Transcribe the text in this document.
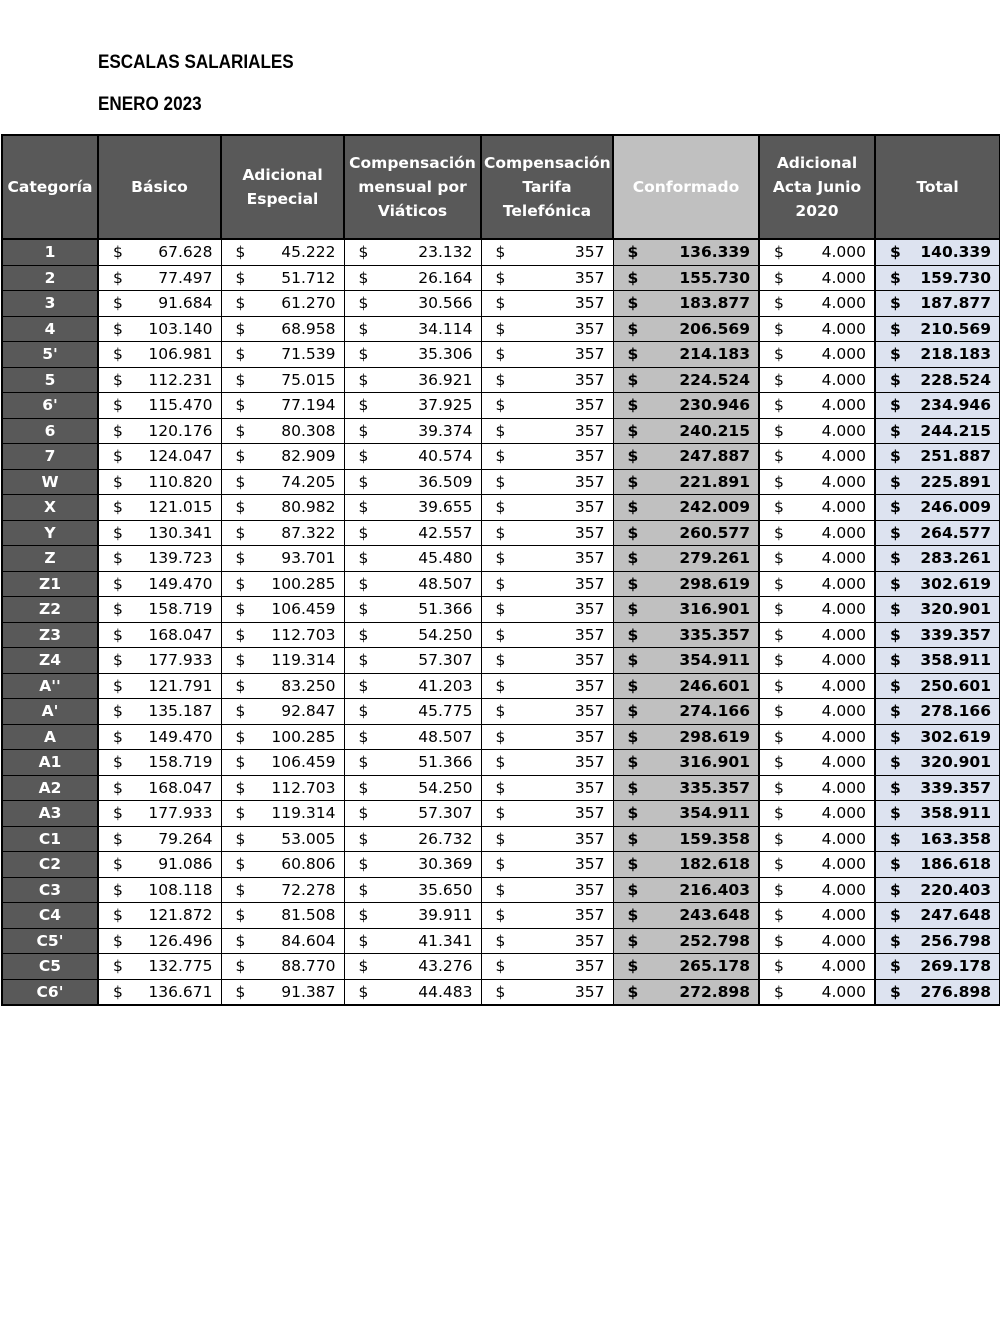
ESCALAS SALARIALES
ENERO 2023
Categoría	Básico	Adicional Especial	Compensación mensual por Viáticos	Compensación Tarifa Telefónica	Conformado	Adicional Acta Junio 2020	Total
1	$ 67.628	$ 45.222	$ 23.132	$ 357	$ 136.339	$ 4.000	$ 140.339

2	$ 77.497	$ 51.712	$ 26.164	$ 357	$ 155.730	$ 4.000	$ 159.730

3	$ 91.684	$ 61.270	$ 30.566	$ 357	$ 183.877	$ 4.000	$ 187.877

4	$ 103.140	$ 68.958	$ 34.114	$ 357	$ 206.569	$ 4.000	$ 210.569

5'	$ 106.981	$ 71.539	$ 35.306	$ 357	$ 214.183	$ 4.000	$ 218.183

5	$ 112.231	$ 75.015	$ 36.921	$ 357	$ 224.524	$ 4.000	$ 228.524

6'	$ 115.470	$ 77.194	$ 37.925	$ 357	$ 230.946	$ 4.000	$ 234.946

6	$ 120.176	$ 80.308	$ 39.374	$ 357	$ 240.215	$ 4.000	$ 244.215

7	$ 124.047	$ 82.909	$ 40.574	$ 357	$ 247.887	$ 4.000	$ 251.887

W	$ 110.820	$ 74.205	$ 36.509	$ 357	$ 221.891	$ 4.000	$ 225.891

X	$ 121.015	$ 80.982	$ 39.655	$ 357	$ 242.009	$ 4.000	$ 246.009

Y	$ 130.341	$ 87.322	$ 42.557	$ 357	$ 260.577	$ 4.000	$ 264.577

Z	$ 139.723	$ 93.701	$ 45.480	$ 357	$ 279.261	$ 4.000	$ 283.261

Z1	$ 149.470	$ 100.285	$ 48.507	$ 357	$ 298.619	$ 4.000	$ 302.619

Z2	$ 158.719	$ 106.459	$ 51.366	$ 357	$ 316.901	$ 4.000	$ 320.901

Z3	$ 168.047	$ 112.703	$ 54.250	$ 357	$ 335.357	$ 4.000	$ 339.357

Z4	$ 177.933	$ 119.314	$ 57.307	$ 357	$ 354.911	$ 4.000	$ 358.911

A''	$ 121.791	$ 83.250	$ 41.203	$ 357	$ 246.601	$ 4.000	$ 250.601

A'	$ 135.187	$ 92.847	$ 45.775	$ 357	$ 274.166	$ 4.000	$ 278.166

A	$ 149.470	$ 100.285	$ 48.507	$ 357	$ 298.619	$ 4.000	$ 302.619

A1	$ 158.719	$ 106.459	$ 51.366	$ 357	$ 316.901	$ 4.000	$ 320.901

A2	$ 168.047	$ 112.703	$ 54.250	$ 357	$ 335.357	$ 4.000	$ 339.357

A3	$ 177.933	$ 119.314	$ 57.307	$ 357	$ 354.911	$ 4.000	$ 358.911

C1	$ 79.264	$ 53.005	$ 26.732	$ 357	$ 159.358	$ 4.000	$ 163.358

C2	$ 91.086	$ 60.806	$ 30.369	$ 357	$ 182.618	$ 4.000	$ 186.618

C3	$ 108.118	$ 72.278	$ 35.650	$ 357	$ 216.403	$ 4.000	$ 220.403

C4	$ 121.872	$ 81.508	$ 39.911	$ 357	$ 243.648	$ 4.000	$ 247.648

C5'	$ 126.496	$ 84.604	$ 41.341	$ 357	$ 252.798	$ 4.000	$ 256.798

C5	$ 132.775	$ 88.770	$ 43.276	$ 357	$ 265.178	$ 4.000	$ 269.178

C6'	$ 136.671	$ 91.387	$ 44.483	$ 357	$ 272.898	$ 4.000	$ 276.898
